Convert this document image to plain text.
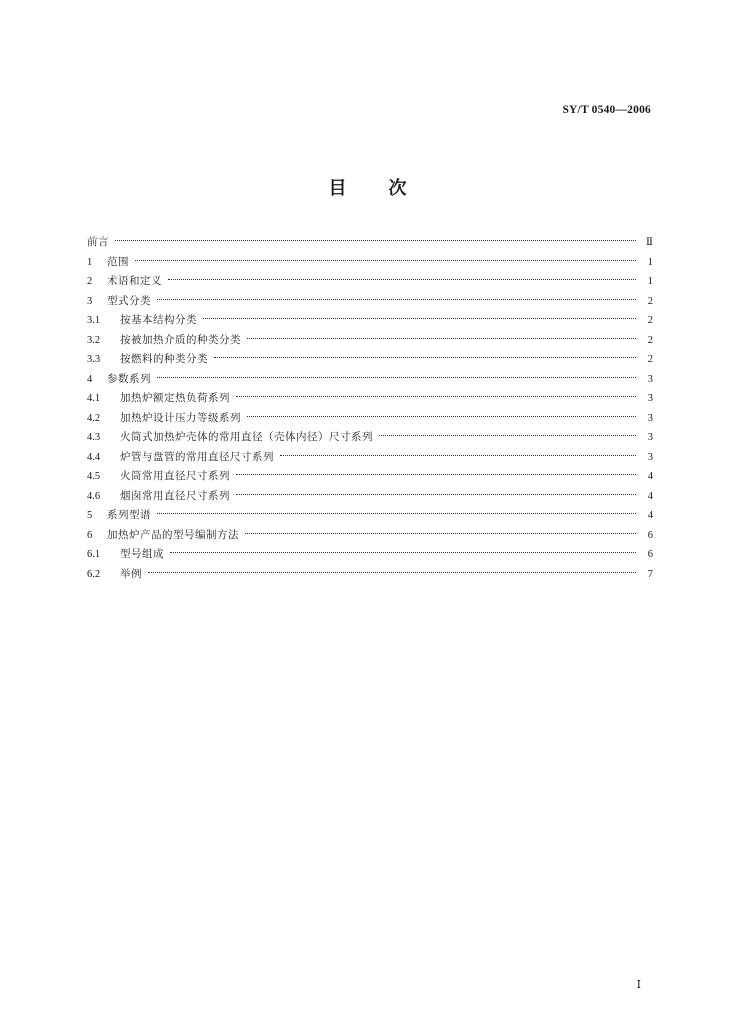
SY/T 0540—2006
目次
前言	Ⅱ
1	范围	1
2	术语和定义	1
3	型式分类	2
3.1	按基本结构分类	2
3.2	按被加热介质的种类分类	2
3.3	按燃料的种类分类	2
4	参数系列	3
4.1	加热炉额定热负荷系列	3
4.2	加热炉设计压力等级系列	3
4.3	火筒式加热炉壳体的常用直径（壳体内径）尺寸系列	3
4.4	炉管与盘管的常用直径尺寸系列	3
4.5	火筒常用直径尺寸系列	4
4.6	烟囱常用直径尺寸系列	4
5	系列型谱	4
6	加热炉产品的型号编制方法	6
6.1	型号组成	6
6.2	举例	7
Ⅰ
